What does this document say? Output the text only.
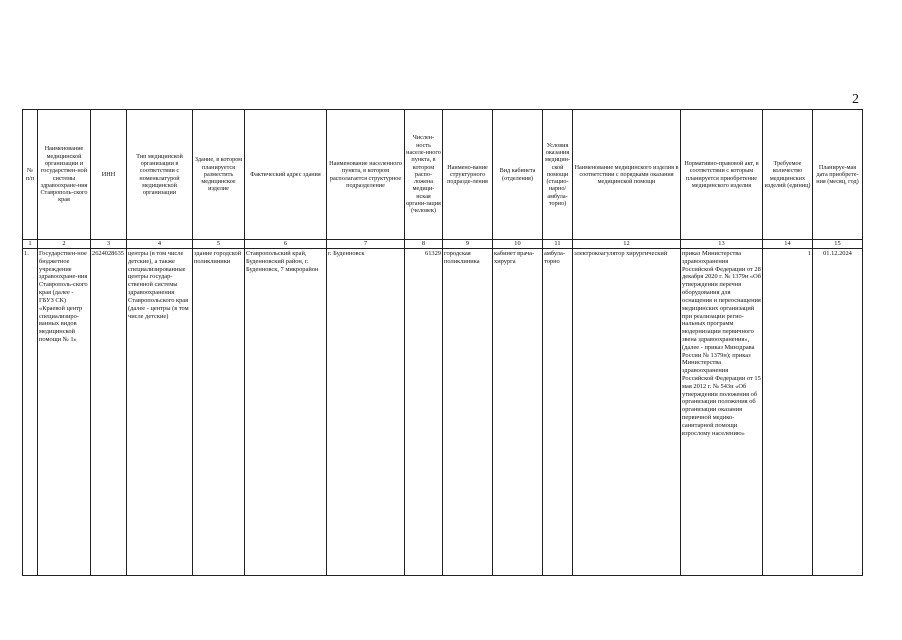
2
№ п/п	Наименование медицинской организации и государствен-ной системы здравоохране-ния Ставрополь-ского края	ИНН	Тип медицинской организации в соответствии с номенклатурой медицинской организации	Здание, в котором планируется разместить медицинское изделие	Фактический адрес здания	Наименование населенного пункта, в котором располагается структурное подразделение	Числен-ность населе-нного пункта, в котором распо-ложена медици-нская органи-зация (человек)	Наимено-вание структурного подразде-ления	Вид кабинета (отделения)	Условия оказания медицин-ской помощи (стацио-нарно/ амбула-торно)	Наименование медицинского изделия в соответствии с порядками оказания медицинской помощи	Нормативно-правовой акт, в соответствии с которым планируется приобретение медицинского изделия	Требуемое количество медицинских изделий (единиц)	Планируе-мая дата приобрете-ния (месяц, год)
1	2	3	4	5	6	7	8	9	10	11	12	13	14	15
1.	Государствен-ное бюджетное учреждение здравоохране-ния Ставрополь-ского края (далее - ГБУЗ СК) «Краевой центр специализиро-ванных видов медицинской помощи № 1»	2624028635	центры (в том числе детские), а также специализированные центры государ-ственной системы здравоохранения Ставропольского края (далее - центры (в том числе детские)	здание городской поликлиники	Ставропольский край, Буденновский район, г. Буденновск, 7 микрорайон	г. Буденновск	61329	городская поликлиника	кабинет врача-хирурга	амбула-торно	электрокоагулятор хирургический	приказ Министерства здравоохранения Российской Федерации от 28 декабря 2020 г. № 1379н «Об утверждении перечня оборудования для оснащения и переоснащения медицинских организаций при реализации регио-нальных программ модернизации первичного звена здравоохранения», (далее - приказ Минздрава России № 1379н); приказ Министерства здравоохранения Российской Федерации от 15 мая 2012 г. № 543н «Об утверждении положения об организации положения об организации оказания первичной медико-санитарной помощи взрослому населению»	1	01.12.2024
